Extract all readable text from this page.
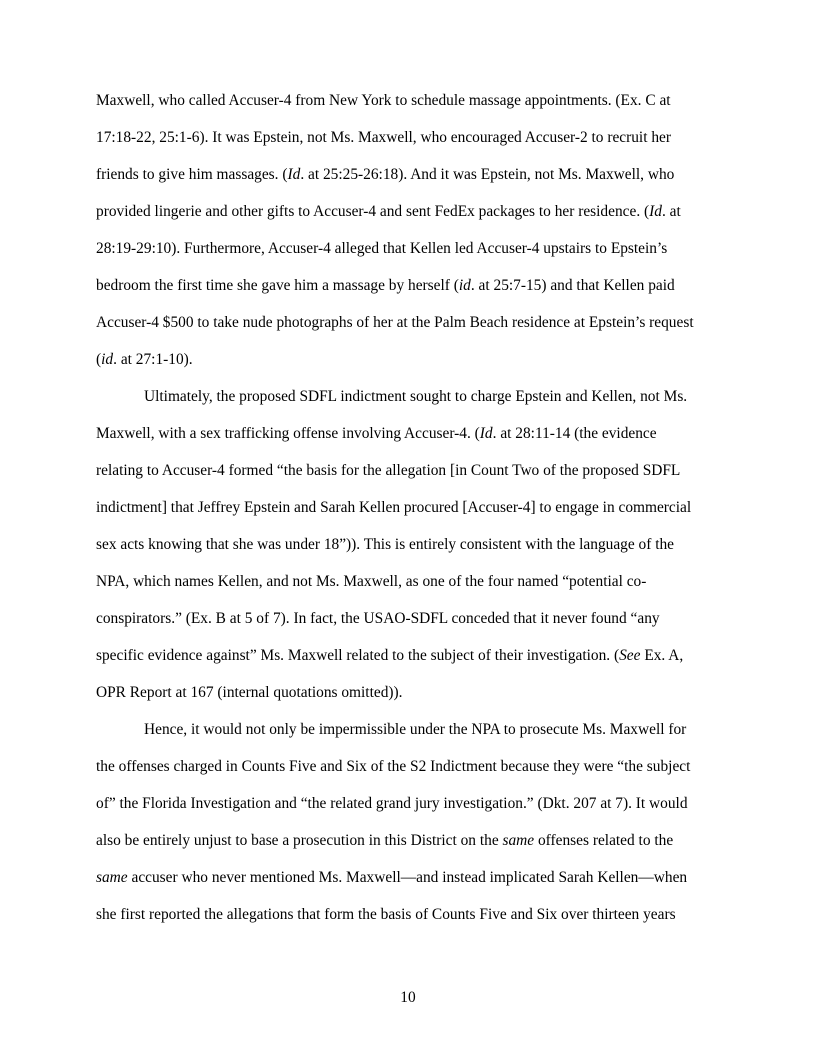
Maxwell, who called Accuser-4 from New York to schedule massage appointments. (Ex. C at
17:18-22, 25:1-6). It was Epstein, not Ms. Maxwell, who encouraged Accuser-2 to recruit her
friends to give him massages. (Id. at 25:25-26:18). And it was Epstein, not Ms. Maxwell, who
provided lingerie and other gifts to Accuser-4 and sent FedEx packages to her residence. (Id. at
28:19-29:10). Furthermore, Accuser-4 alleged that Kellen led Accuser-4 upstairs to Epstein’s
bedroom the first time she gave him a massage by herself (id. at 25:7-15) and that Kellen paid
Accuser-4 $500 to take nude photographs of her at the Palm Beach residence at Epstein’s request
(id. at 27:1-10).
Ultimately, the proposed SDFL indictment sought to charge Epstein and Kellen, not Ms.
Maxwell, with a sex trafficking offense involving Accuser-4. (Id. at 28:11-14 (the evidence
relating to Accuser-4 formed “the basis for the allegation [in Count Two of the proposed SDFL
indictment] that Jeffrey Epstein and Sarah Kellen procured [Accuser-4] to engage in commercial
sex acts knowing that she was under 18”)). This is entirely consistent with the language of the
NPA, which names Kellen, and not Ms. Maxwell, as one of the four named “potential co-
conspirators.” (Ex. B at 5 of 7). In fact, the USAO-SDFL conceded that it never found “any
specific evidence against” Ms. Maxwell related to the subject of their investigation. (See Ex. A,
OPR Report at 167 (internal quotations omitted)).
Hence, it would not only be impermissible under the NPA to prosecute Ms. Maxwell for
the offenses charged in Counts Five and Six of the S2 Indictment because they were “the subject
of” the Florida Investigation and “the related grand jury investigation.” (Dkt. 207 at 7). It would
also be entirely unjust to base a prosecution in this District on the same offenses related to the
same accuser who never mentioned Ms. Maxwell—and instead implicated Sarah Kellen—when
she first reported the allegations that form the basis of Counts Five and Six over thirteen years
10
